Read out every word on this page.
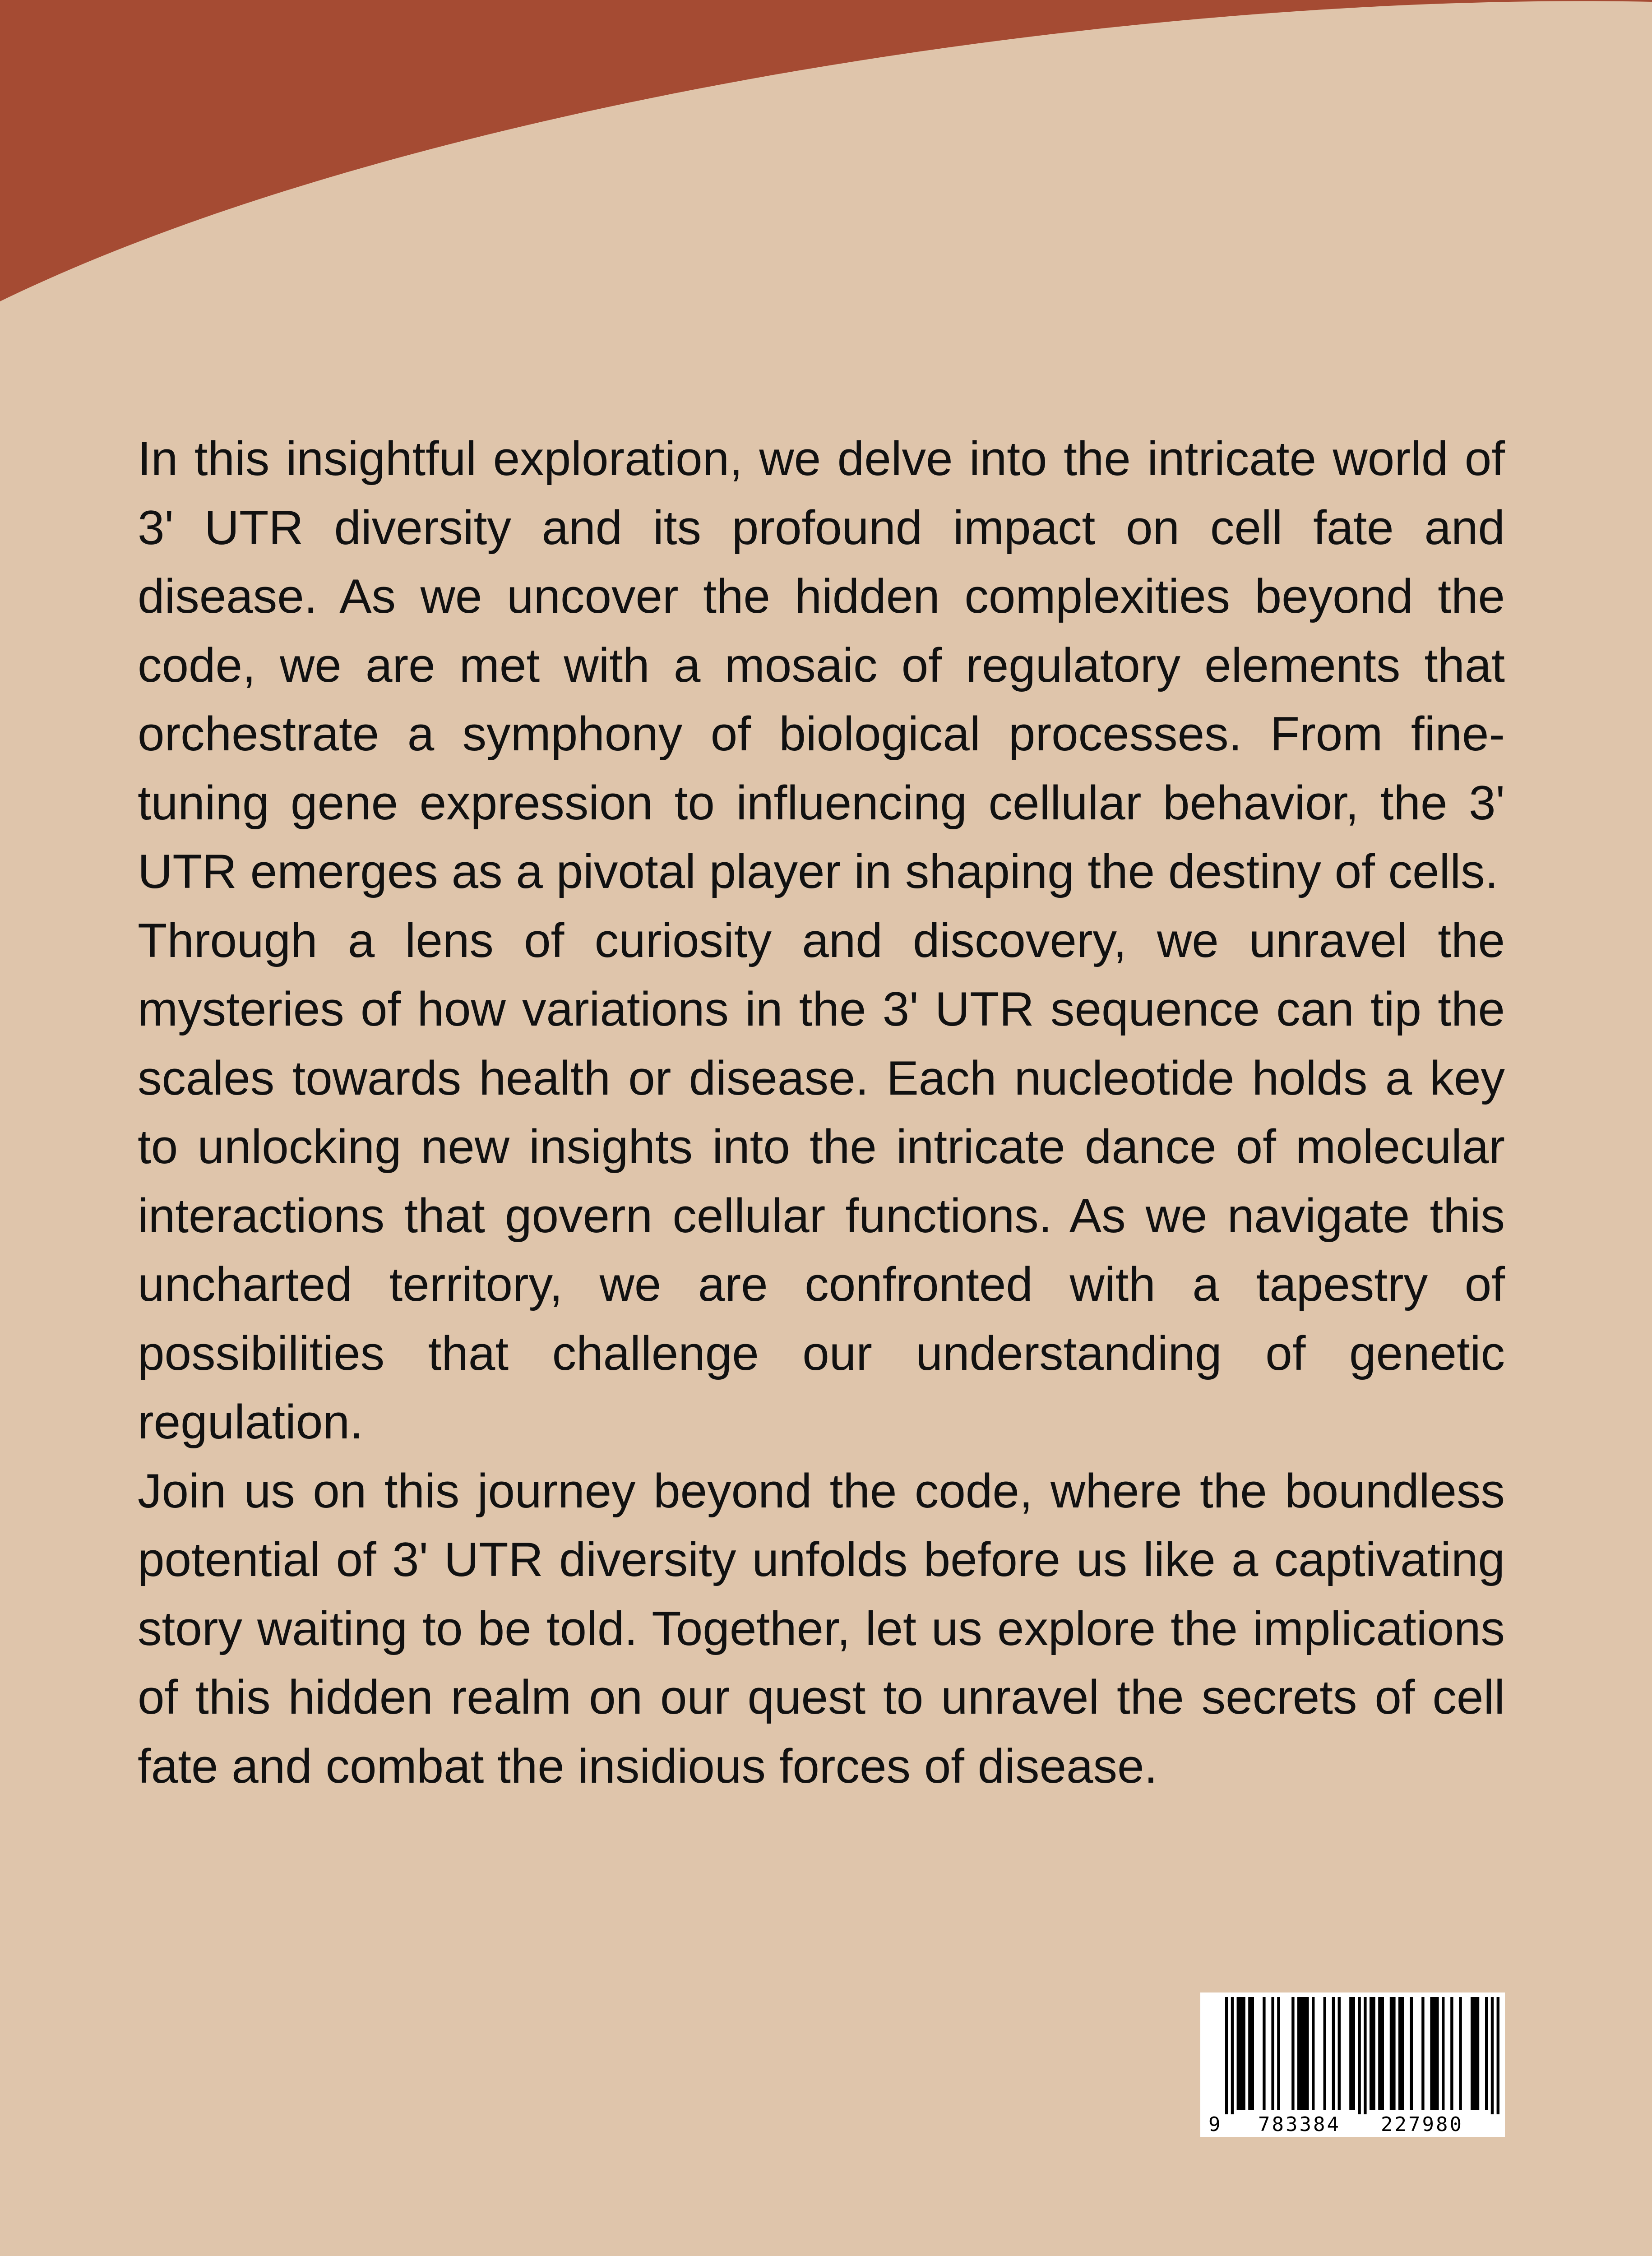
In this insightful exploration, we delve into the intricate world of 3' UTR diversity and its profound impact on cell fate and disease. As we uncover the hidden complexities beyond the code, we are met with a mosaic of regulatory elements that orchestrate a symphony of biological processes. From fine-tuning gene expression to influencing cellular behavior, the 3' UTR emerges as a pivotal player in shaping the destiny of cells.

Through a lens of curiosity and discovery, we unravel the mysteries of how variations in the 3' UTR sequence can tip the scales towards health or disease. Each nucleotide holds a key to unlocking new insights into the intricate dance of molecular interactions that govern cellular functions. As we navigate this uncharted territory, we are confronted with a tapestry of possibilities that challenge our understanding of genetic regulation.

Join us on this journey beyond the code, where the boundless potential of 3' UTR diversity unfolds before us like a captivating story waiting to be told. Together, let us explore the implications of this hidden realm on our quest to unravel the secrets of cell fate and combat the insidious forces of disease.

9 783384 227980
